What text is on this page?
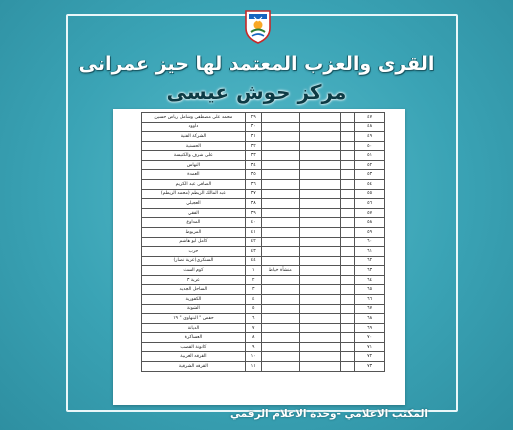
القرى والعزب المعتمد لها حيز عمرانى
مركز حوش عيسى
محمد على مصطفى وشامل رياض حسين	٢٩				٤٧
داوود	٣٠				٤٨
الشركة الفنية	٣١				٤٩
الحسنية	٣٢				٥٠
على شرف والكنيسة	٣٣				٥١
النهاس	٣٤				٥٢
العمدة	٣٥				٥٣
الصافى عبد الكريم	٣٦				٥٤
عبد المالك الزيطم (محمد الزيطم)	٣٧				٥٥
العجيلي	٣٨				٥٦
الفقي	٣٩				٥٧
المداوع	٤٠				٥٨
المربوط	٤١				٥٩
كامل ابو هاشم	٤٢				٦٠
حرب	٤٣				٦١
السنكرى(عزبة نصار)	٤٤				٦٢
كوم السث	١	منشأة خياط			٦٣
عزبة ٣	٢				٦٤
الساحل الجديد	٣				٦٥
الكفورية	٤				٦٦
الشونة	٥				٦٧
حفص " البنهاوى " ١٩	٦				٦٨
الديانة	٧				٦٩
العساكرة	٨				٧٠
كانونة القصب	٩				٧١
القرقه الغربية	١٠				٧٢
القرقه الشرقية	١١				٧٣
المكتب الاعلامي -وحدة الاعلام الرقمي
